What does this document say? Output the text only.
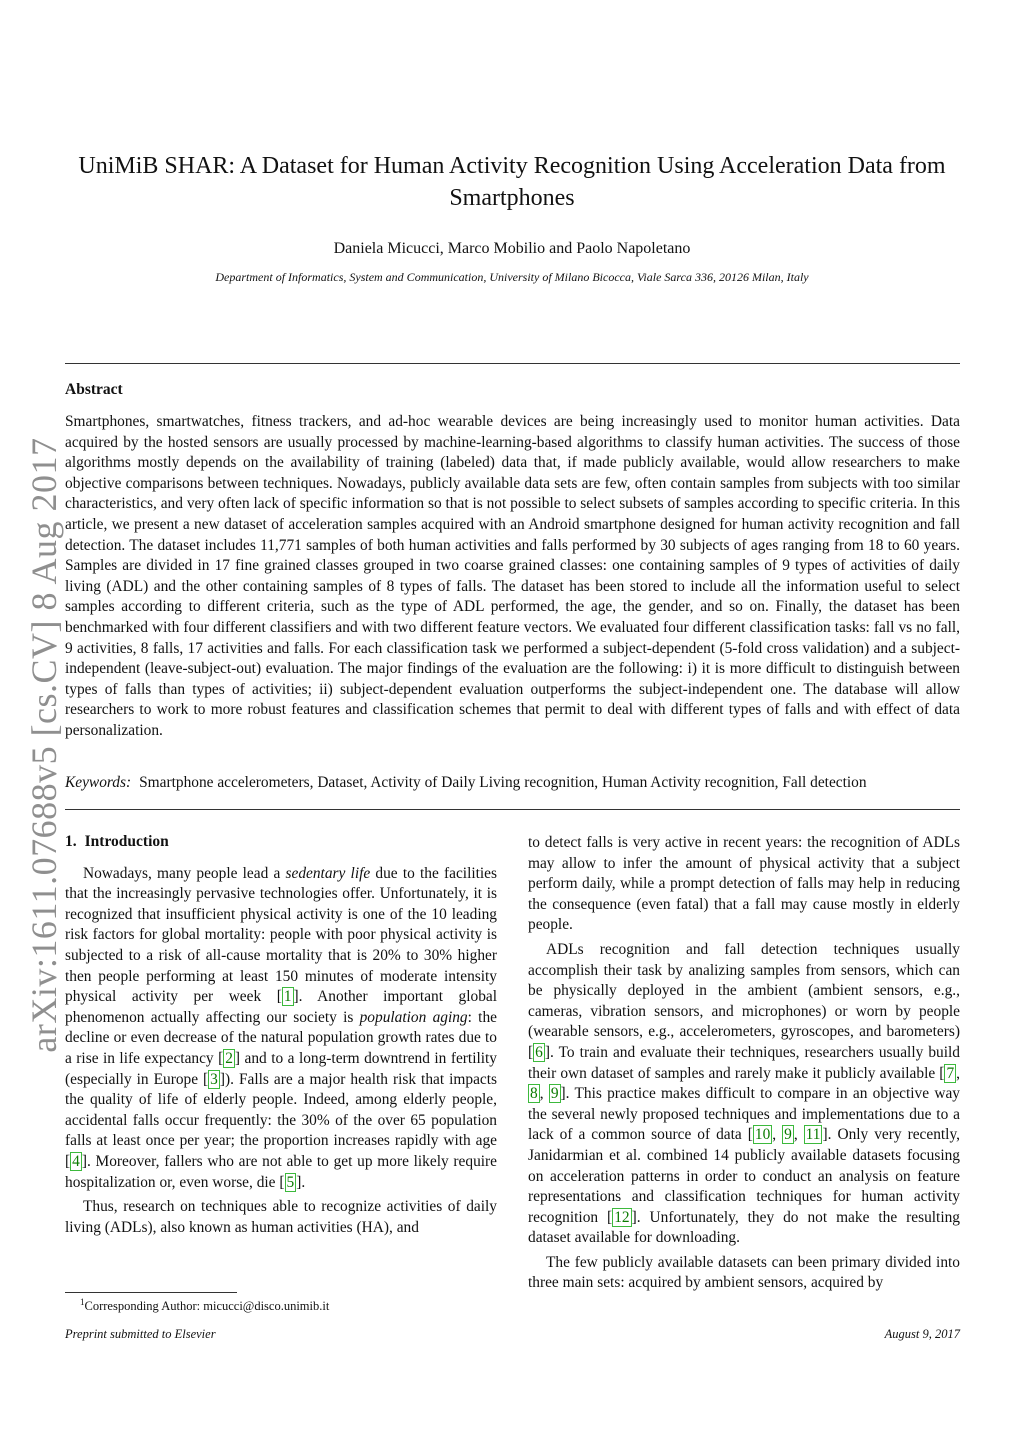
arXiv:1611.07688v5 [cs.CV] 8 Aug 2017
UniMiB SHAR: A Dataset for Human Activity Recognition Using Acceleration Data from Smartphones

Daniela Micucci, Marco Mobilio and Paolo Napoletano

Department of Informatics, System and Communication, University of Milano Bicocca, Viale Sarca 336, 20126 Milan, Italy

Abstract

Smartphones, smartwatches, fitness trackers, and ad-hoc wearable devices are being increasingly used to monitor human activities. Data acquired by the hosted sensors are usually processed by machine-learning-based algorithms to classify human activities. The success of those algorithms mostly depends on the availability of training (labeled) data that, if made publicly available, would allow researchers to make objective comparisons between techniques. Nowadays, publicly available data sets are few, often contain samples from subjects with too similar characteristics, and very often lack of specific information so that is not possible to select subsets of samples according to specific criteria. In this article, we present a new dataset of acceleration samples acquired with an Android smartphone designed for human activity recognition and fall detection. The dataset includes 11,771 samples of both human activities and falls performed by 30 subjects of ages ranging from 18 to 60 years. Samples are divided in 17 fine grained classes grouped in two coarse grained classes: one containing samples of 9 types of activities of daily living (ADL) and the other containing samples of 8 types of falls. The dataset has been stored to include all the information useful to select samples according to different criteria, such as the type of ADL performed, the age, the gender, and so on. Finally, the dataset has been benchmarked with four different classifiers and with two different feature vectors. We evaluated four different classification tasks: fall vs no fall, 9 activities, 8 falls, 17 activities and falls. For each classification task we performed a subject-dependent (5-fold cross validation) and a subject-independent (leave-subject-out) evaluation. The major findings of the evaluation are the following: i) it is more difficult to distinguish between types of falls than types of activities; ii) subject-dependent evaluation outperforms the subject-independent one. The database will allow researchers to work to more robust features and classification schemes that permit to deal with different types of falls and with effect of data personalization.

Keywords: Smartphone accelerometers, Dataset, Activity of Daily Living recognition, Human Activity recognition, Fall detection

1. Introduction

Nowadays, many people lead a sedentary life due to the facilities that the increasingly pervasive technologies offer. Unfortunately, it is recognized that insufficient physical activity is one of the 10 leading risk factors for global mortality: people with poor physical activity is subjected to a risk of all-cause mortality that is 20% to 30% higher then people performing at least 150 minutes of moderate intensity physical activity per week [ 1 ]. Another important global phenomenon actually affecting our society is population aging: the decline or even decrease of the natural population growth rates due to a rise in life expectancy [ 2 ] and to a long-term downtrend in fertility (especially in Europe [ 3 ]). Falls are a major health risk that impacts the quality of life of elderly people. Indeed, among elderly people, accidental falls occur frequently: the 30% of the over 65 population falls at least once per year; the proportion increases rapidly with age [ 4 ]. Moreover, fallers who are not able to get up more likely require hospitalization or, even worse, die [ 5 ].

Thus, research on techniques able to recognize activities of daily living (ADLs), also known as human activities (HA), and

to detect falls is very active in recent years: the recognition of ADLs may allow to infer the amount of physical activity that a subject perform daily, while a prompt detection of falls may help in reducing the consequence (even fatal) that a fall may cause mostly in elderly people.

ADLs recognition and fall detection techniques usually accomplish their task by analizing samples from sensors, which can be physically deployed in the ambient (ambient sensors, e.g., cameras, vibration sensors, and microphones) or worn by people (wearable sensors, e.g., accelerometers, gyroscopes, and barometers) [ 6 ]. To train and evaluate their techniques, researchers usually build their own dataset of samples and rarely make it publicly available [ 7 , 8 , 9 ]. This practice makes difficult to compare in an objective way the several newly proposed techniques and implementations due to a lack of a common source of data [ 10 , 9 , 11 ]. Only very recently, Janidarmian et al. combined 14 publicly available datasets focusing on acceleration patterns in order to conduct an analysis on feature representations and classification techniques for human activity recognition [ 12 ]. Unfortunately, they do not make the resulting dataset available for downloading.

The few publicly available datasets can been primary divided into three main sets: acquired by ambient sensors, acquired by

$^1$Corresponding Author: micucci@disco.unimib.it

Preprint submitted to Elsevier	August 9, 2017
